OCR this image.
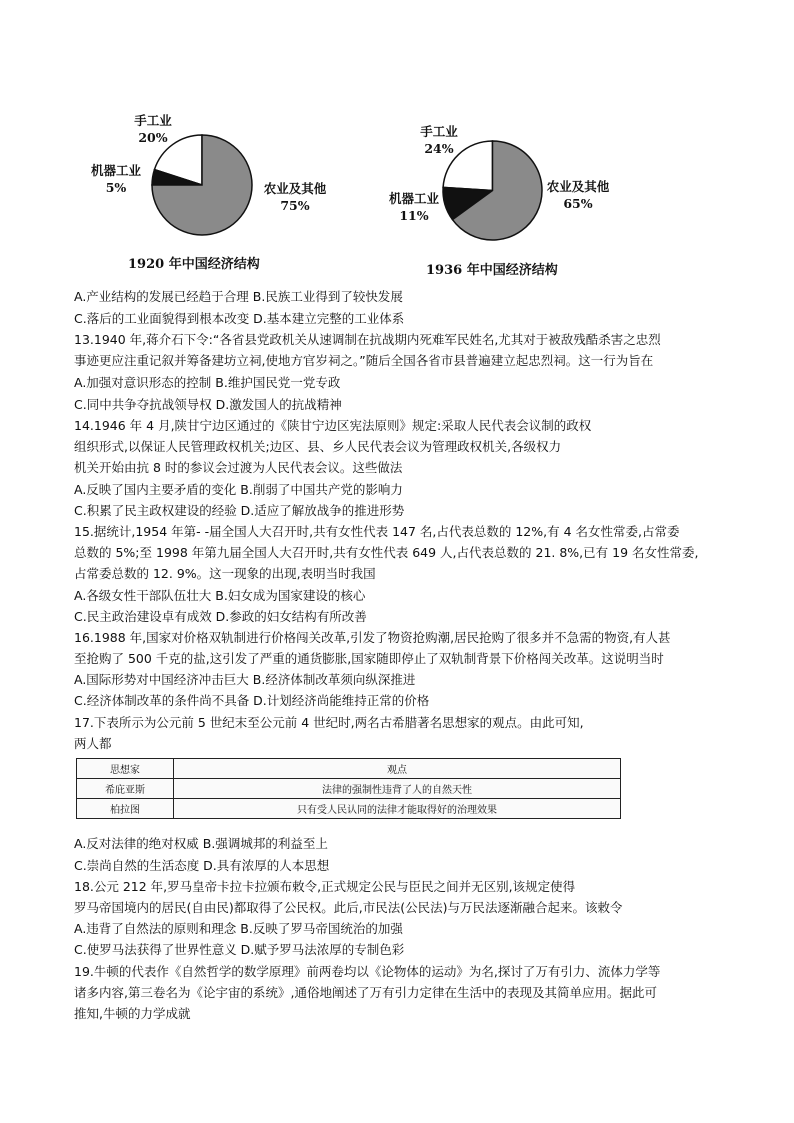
手工业
20%
机器工业
5%	农业及其他
75%
1920 年中国经济结构
手工业
24%
机器工业
11%
农业及其他
65%
1936 年中国经济结构
A.产业结构的发展已经趋于合理 B.民族工业得到了较快发展
C.落后的工业面貌得到根本改变 D.基本建立完整的工业体系
13.1940 年,蒋介石下令:“各省县党政机关从速调制在抗战期内死难军民姓名,尤其对于被敌残酷杀害之忠烈
事迹更应注重记叙并筹备建坊立祠,使地方官岁祠之。”随后全国各省市县普遍建立起忠烈祠。这一行为旨在
A.加强对意识形态的控制 B.维护国民党一党专政
C.同中共争夺抗战领导权 D.激发国人的抗战精神
14.1946 年 4 月,陕甘宁边区通过的《陕甘宁边区宪法原则》规定:采取人民代表会议制的政权
组织形式,以保证人民管理政权机关;边区、县、乡人民代表会议为管理政权机关,各级权力
机关开始由抗 8 时的参议会过渡为人民代表会议。这些做法
A.反映了国内主要矛盾的变化 B.削弱了中国共产党的影响力
C.积累了民主政权建设的经验 D.适应了解放战争的推进形势
15.据统计,1954 年第- -届全国人大召开时,共有女性代表 147 名,占代表总数的 12%,有 4 名女性常委,占常委
总数的 5%;至 1998 年第九届全国人大召开时,共有女性代表 649 人,占代表总数的 21. 8%,已有 19 名女性常委,
占常委总数的 12. 9%。这一现象的出现,表明当时我国
A.各级女性干部队伍壮大 B.妇女成为国家建设的核心
C.民主政治建设卓有成效 D.参政的妇女结构有所改善
16.1988 年,国家对价格双轨制进行价格闯关改革,引发了物资抢购潮,居民抢购了很多并不急需的物资,有人甚
至抢购了 500 千克的盐,这引发了严重的通货膨胀,国家随即停止了双轨制背景下价格闯关改革。这说明当时
A.国际形势对中国经济冲击巨大 B.经济体制改革须向纵深推进
C.经济体制改革的条件尚不具备 D.计划经济尚能维持正常的价格
17.下表所示为公元前 5 世纪末至公元前 4 世纪时,两名古希腊著名思想家的观点。由此可知,
两人都
思想家	观点
希庇亚斯	法律的强制性违背了人的自然天性
柏拉图	只有受人民认同的法律才能取得好的治理效果
A.反对法律的绝对权威 B.强调城邦的利益至上
C.崇尚自然的生活态度 D.具有浓厚的人本思想
18.公元 212 年,罗马皇帝卡拉卡拉颁布敕令,正式规定公民与臣民之间并无区别,该规定使得
罗马帝国境内的居民(自由民)都取得了公民权。此后,市民法(公民法)与万民法逐渐融合起来。该敕令
A.违背了自然法的原则和理念 B.反映了罗马帝国统治的加强
C.使罗马法获得了世界性意义 D.赋予罗马法浓厚的专制色彩
19.牛顿的代表作《自然哲学的数学原理》前两卷均以《论物体的运动》为名,探讨了万有引力、流体力学等
诸多内容,第三卷名为《论宇宙的系统》,通俗地阐述了万有引力定律在生活中的表现及其简单应用。据此可
推知,牛顿的力学成就
